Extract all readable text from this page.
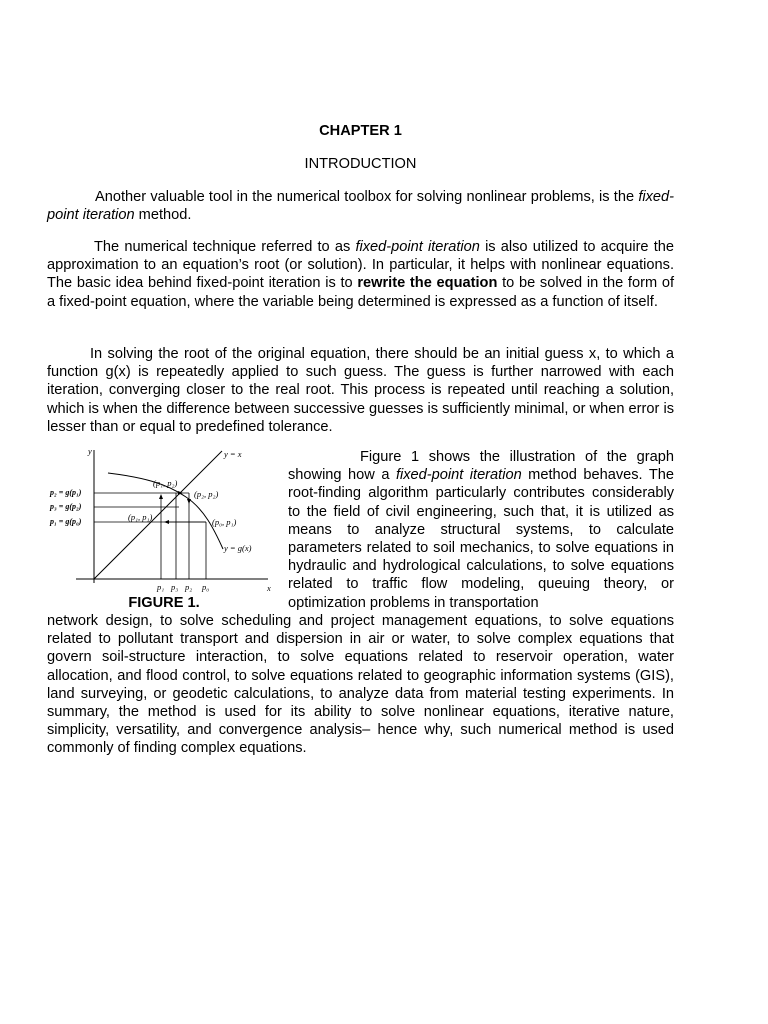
CHAPTER 1
INTRODUCTION

Another valuable tool in the numerical toolbox for solving nonlinear problems, is the fixed-point iteration method.

The numerical technique referred to as fixed-point iteration is also utilized to acquire the approximation to an equation’s root (or solution). In particular, it helps with nonlinear equations. The basic idea behind fixed-point iteration is to rewrite the equation to be solved in the form of a fixed-point equation, where the variable being determined is expressed as a function of itself.

In solving the root of the original equation, there should be an initial guess x, to which a function g(x) is repeatedly applied to such guess. The guess is further narrowed with each iteration, converging closer to the real root. This process is repeated until reaching a solution, which is when the difference between successive guesses is sufficiently minimal, or when error is lesser than or equal to predefined tolerance.

y
x
y = x
y = g(x)
(p₁, p₂)
(p₂, p₂)
(p₁, p₁)	(p₀, p₁)
p₂ = g(p₁)
p₃ = g(p₂)
p₁ = g(p₀)
p₁ p₃ p₂ p₀
FIGURE 1.

Figure 1 shows the illustration of the graph showing how a fixed-point iteration method behaves. The root-finding algorithm particularly contributes considerably to the field of civil engineering, such that, it is utilized as means to analyze structural systems, to calculate parameters related to soil mechanics, to solve equations in hydraulic and hydrological calculations, to solve equations related to traffic flow modeling, queuing theory, or optimization problems in transportation

network design, to solve scheduling and project management equations, to solve equations related to pollutant transport and dispersion in air or water, to solve complex equations that govern soil-structure interaction, to solve equations related to reservoir operation, water allocation, and flood control, to solve equations related to geographic information systems (GIS), land surveying, or geodetic calculations, to analyze data from material testing experiments. In summary, the method is used for its ability to solve nonlinear equations, iterative nature, simplicity, versatility, and convergence analysis– hence why, such numerical method is used commonly of finding complex equations.
